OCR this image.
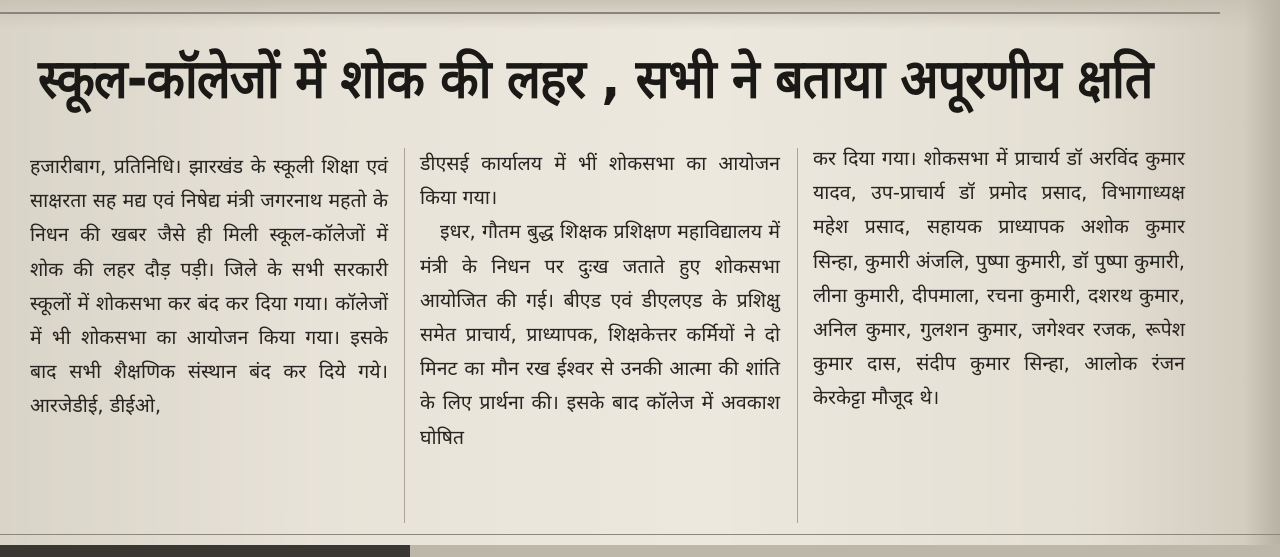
स्कूल-कॉलेजों में शोक की लहर , सभी ने बताया अपूरणीय क्षति

हजारीबाग, प्रतिनिधि। झारखंड के स्कूली शिक्षा एवं साक्षरता सह मद्य एवं निषेद्य मंत्री जगरनाथ महतो के निधन की खबर जैसे ही मिली स्कूल-कॉलेजों में शोक की लहर दौड़ पड़ी। जिले के सभी सरकारी स्कूलों में शोकसभा कर बंद कर दिया गया। कॉलेजों में भी शोकसभा का आयोजन किया गया। इसके बाद सभी शैक्षणिक संस्थान बंद कर दिये गये। आरजेडीई, डीईओ,

डीएसई कार्यालय में भीं शोकसभा का आयोजन किया गया।

इधर, गौतम बुद्ध शिक्षक प्रशिक्षण महाविद्यालय में मंत्री के निधन पर दुःख जताते हुए शोकसभा आयोजित की गई। बीएड एवं डीएलएड के प्रशिक्षु समेत प्राचार्य, प्राध्यापक, शिक्षकेत्तर कर्मियों ने दो मिनट का मौन रख ईश्वर से उनकी आत्मा की शांति के लिए प्रार्थना की। इसके बाद कॉलेज में अवकाश घोषित

कर दिया गया। शोकसभा में प्राचार्य डॉ अरविंद कुमार यादव, उप-प्राचार्य डॉ प्रमोद प्रसाद, विभागाध्यक्ष महेश प्रसाद, सहायक प्राध्यापक अशोक कुमार सिन्हा, कुमारी अंजलि, पुष्पा कुमारी, डॉ पुष्पा कुमारी, लीना कुमारी, दीपमाला, रचना कुमारी, दशरथ कुमार, अनिल कुमार, गुलशन कुमार, जगेश्वर रजक, रूपेश कुमार दास, संदीप कुमार सिन्हा, आलोक रंजन केरकेट्टा मौजूद थे।
